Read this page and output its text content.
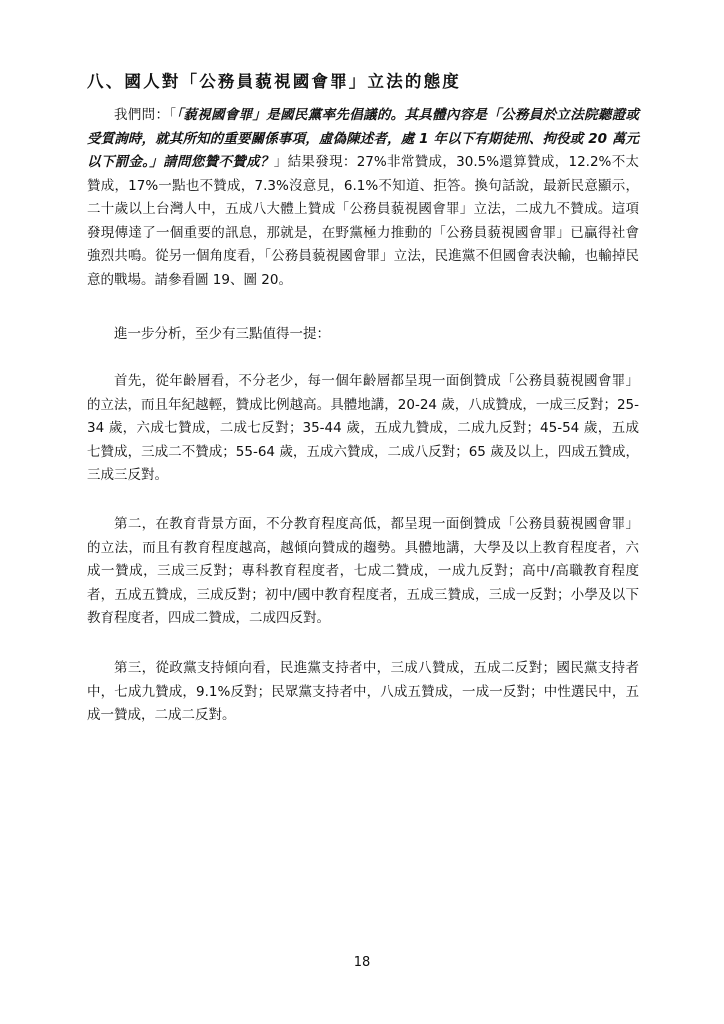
八、國人對「公務員藐視國會罪」立法的態度

我們問：「「藐視國會罪」是國民黨率先倡議的。其具體內容是「公務員於立法院聽證或受質詢時，就其所知的重要關係事項，虛偽陳述者，處 1 年以下有期徒刑、拘役或 20 萬元以下罰金。」請問您贊不贊成？」結果發現：27%非常贊成，30.5%還算贊成，12.2%不太贊成，17%一點也不贊成，7.3%沒意見，6.1%不知道、拒答。換句話說，最新民意顯示，二十歲以上台灣人中，五成八大體上贊成「公務員藐視國會罪」立法，二成九不贊成。這項發現傳達了一個重要的訊息，那就是，在野黨極力推動的「公務員藐視國會罪」已贏得社會強烈共鳴。從另一個角度看，「公務員藐視國會罪」立法，民進黨不但國會表決輸，也輸掉民意的戰場。請參看圖 19、圖 20。

進一步分析，至少有三點值得一提：

首先，從年齡層看，不分老少，每一個年齡層都呈現一面倒贊成「公務員藐視國會罪」的立法，而且年紀越輕，贊成比例越高。具體地講，20-24 歲，八成贊成，一成三反對；25-34 歲，六成七贊成，二成七反對；35-44 歲，五成九贊成，二成九反對；45-54 歲，五成七贊成，三成二不贊成；55-64 歲，五成六贊成，二成八反對；65 歲及以上，四成五贊成，三成三反對。

第二，在教育背景方面，不分教育程度高低，都呈現一面倒贊成「公務員藐視國會罪」的立法，而且有教育程度越高，越傾向贊成的趨勢。具體地講，大學及以上教育程度者，六成一贊成，三成三反對；專科教育程度者，七成二贊成，一成九反對；高中/高職教育程度者，五成五贊成，三成反對；初中/國中教育程度者，五成三贊成，三成一反對；小學及以下教育程度者，四成二贊成，二成四反對。

第三，從政黨支持傾向看，民進黨支持者中，三成八贊成，五成二反對；國民黨支持者中，七成九贊成，9.1%反對；民眾黨支持者中，八成五贊成，一成一反對；中性選民中，五成一贊成，二成二反對。

18
